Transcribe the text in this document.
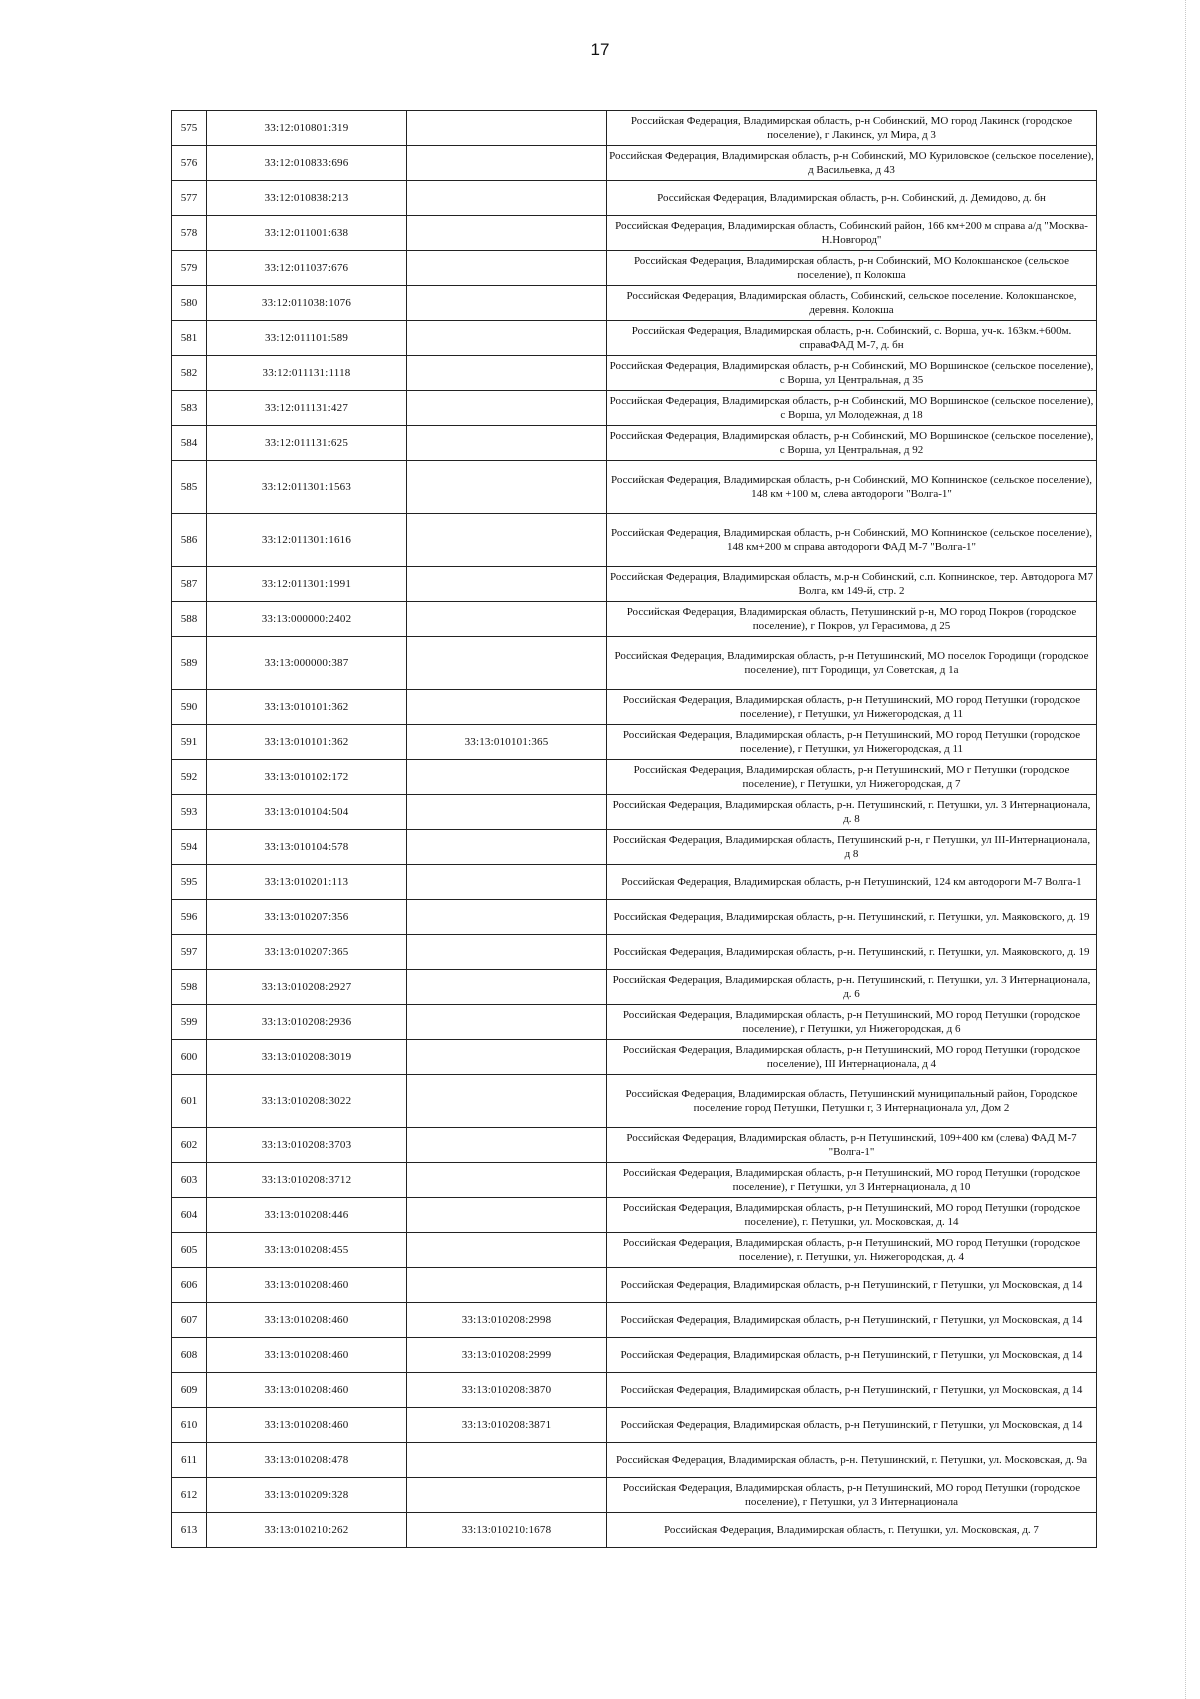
17
575	33:12:010801:319		Российская Федерация, Владимирская область, р-н Собинский, МО город Лакинск (городское поселение), г Лакинск, ул Мира, д 3
576	33:12:010833:696		Российская Федерация, Владимирская область, р-н Собинский, МО Куриловское (сельское поселение), д Васильевка, д 43
577	33:12:010838:213		Российская Федерация, Владимирская область, р-н. Собинский, д. Демидово, д. бн
578	33:12:011001:638		Российская Федерация, Владимирская область, Собинский район, 166 км+200 м справа а/д "Москва-Н.Новгород"
579	33:12:011037:676		Российская Федерация, Владимирская область, р-н Собинский, МО Колокшанское (сельское поселение), п Колокша
580	33:12:011038:1076		Российская Федерация, Владимирская область, Собинский, сельское поселение. Колокшанское, деревня. Колокша
581	33:12:011101:589		Российская Федерация, Владимирская область, р-н. Собинский, с. Ворша, уч-к. 163км.+600м. справаФАД М-7, д. бн
582	33:12:011131:1118		Российская Федерация, Владимирская область, р-н Собинский, МО Воршинское (сельское поселение), с Ворша, ул Центральная, д 35
583	33:12:011131:427		Российская Федерация, Владимирская область, р-н Собинский, МО Воршинское (сельское поселение), с Ворша, ул Молодежная, д 18
584	33:12:011131:625		Российская Федерация, Владимирская область, р-н Собинский, МО Воршинское (сельское поселение), с Ворша, ул Центральная, д 92
585	33:12:011301:1563		Российская Федерация, Владимирская область, р-н Собинский, МО Копнинское (сельское поселение), 148 км +100 м, слева автодороги "Волга-1"
586	33:12:011301:1616		Российская Федерация, Владимирская область, р-н Собинский, МО Копнинское (сельское поселение), 148 км+200 м справа автодороги ФАД М-7 "Волга-1"
587	33:12:011301:1991		Российская Федерация, Владимирская область, м.р-н Собинский, с.п. Копнинское, тер. Автодорога М7 Волга, км 149-й, стр. 2
588	33:13:000000:2402		Российская Федерация, Владимирская область, Петушинский р-н, МО город Покров (городское поселение), г Покров, ул Герасимова, д 25
589	33:13:000000:387		Российская Федерация, Владимирская область, р-н Петушинский, МО поселок Городищи (городское поселение), пгт Городищи, ул Советская, д 1а
590	33:13:010101:362		Российская Федерация, Владимирская область, р-н Петушинский, МО город Петушки (городское поселение), г Петушки, ул Нижегородская, д 11
591	33:13:010101:362	33:13:010101:365	Российская Федерация, Владимирская область, р-н Петушинский, МО город Петушки (городское поселение), г Петушки, ул Нижегородская, д 11
592	33:13:010102:172		Российская Федерация, Владимирская область, р-н Петушинский, МО г Петушки (городское поселение), г Петушки, ул Нижегородская, д 7
593	33:13:010104:504		Российская Федерация, Владимирская область, р-н. Петушинский, г. Петушки, ул. 3 Интернационала, д. 8
594	33:13:010104:578		Российская Федерация, Владимирская область, Петушинский р-н, г Петушки, ул III-Интернационала, д 8
595	33:13:010201:113		Российская Федерация, Владимирская область, р-н Петушинский, 124 км автодороги М-7 Волга-1
596	33:13:010207:356		Российская Федерация, Владимирская область, р-н. Петушинский, г. Петушки, ул. Маяковского, д. 19
597	33:13:010207:365		Российская Федерация, Владимирская область, р-н. Петушинский, г. Петушки, ул. Маяковского, д. 19
598	33:13:010208:2927		Российская Федерация, Владимирская область, р-н. Петушинский, г. Петушки, ул. 3 Интернационала, д. 6
599	33:13:010208:2936		Российская Федерация, Владимирская область, р-н Петушинский, МО город Петушки (городское поселение), г Петушки, ул Нижегородская, д 6
600	33:13:010208:3019		Российская Федерация, Владимирская область, р-н Петушинский, МО город Петушки (городское поселение), III Интернационала, д 4
601	33:13:010208:3022		Российская Федерация, Владимирская область, Петушинский муниципальный район, Городское поселение город Петушки, Петушки г, 3 Интернационала ул, Дом 2
602	33:13:010208:3703		Российская Федерация, Владимирская область, р-н Петушинский, 109+400 км (слева) ФАД М-7 "Волга-1"
603	33:13:010208:3712		Российская Федерация, Владимирская область, р-н Петушинский, МО город Петушки (городское поселение), г Петушки, ул 3 Интернационала, д 10
604	33:13:010208:446		Российская Федерация, Владимирская область, р-н Петушинский, МО город Петушки (городское поселение), г. Петушки, ул. Московская, д. 14
605	33:13:010208:455		Российская Федерация, Владимирская область, р-н Петушинский, МО город Петушки (городское поселение), г. Петушки, ул. Нижегородская, д. 4
606	33:13:010208:460		Российская Федерация, Владимирская область, р-н Петушинский, г Петушки, ул Московская, д 14
607	33:13:010208:460	33:13:010208:2998	Российская Федерация, Владимирская область, р-н Петушинский, г Петушки, ул Московская, д 14
608	33:13:010208:460	33:13:010208:2999	Российская Федерация, Владимирская область, р-н Петушинский, г Петушки, ул Московская, д 14
609	33:13:010208:460	33:13:010208:3870	Российская Федерация, Владимирская область, р-н Петушинский, г Петушки, ул Московская, д 14
610	33:13:010208:460	33:13:010208:3871	Российская Федерация, Владимирская область, р-н Петушинский, г Петушки, ул Московская, д 14
611	33:13:010208:478		Российская Федерация, Владимирская область, р-н. Петушинский, г. Петушки, ул. Московская, д. 9а
612	33:13:010209:328		Российская Федерация, Владимирская область, р-н Петушинский, МО город Петушки (городское поселение), г Петушки, ул 3 Интернационала
613	33:13:010210:262	33:13:010210:1678	Российская Федерация, Владимирская область, г. Петушки, ул. Московская, д. 7
